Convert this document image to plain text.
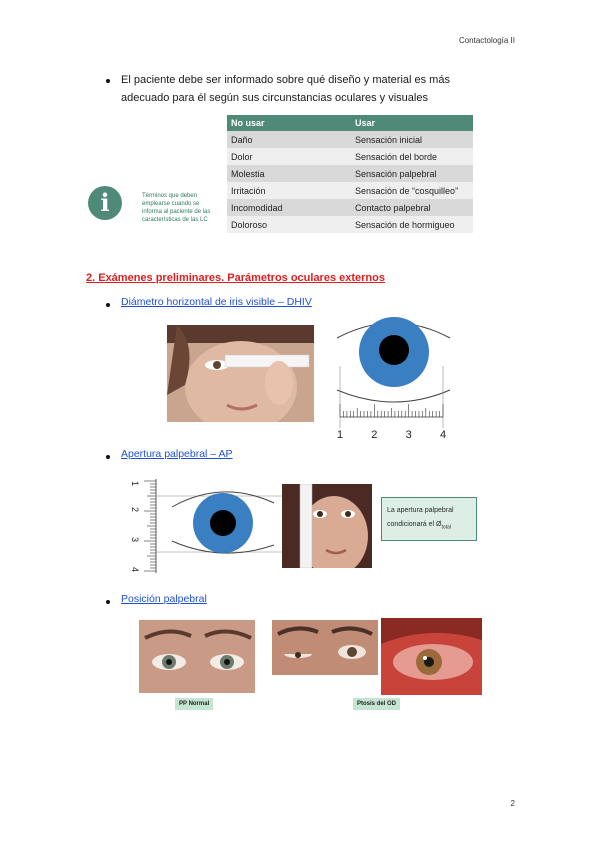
Contactología II
2
El paciente debe ser informado sobre qué diseño y material es más
adecuado para él según sus circunstancias oculares y visuales
i	Términos que deben
emplearse cuando se
informa al paciente de las
características de las LC
No usar	Usar
Daño	Sensación inicial
Dolor	Sensación del borde
Molestia	Sensación palpebral
Irritación	Sensación de “cosquilleo”
Incomodidad	Contacto palpebral
Doloroso	Sensación de hormigueo
2. Exámenes preliminares. Parámetros oculares externos
Diámetro horizontal de iris visible – DHIV
1	2	3	4
Apertura palpebral – AP
1
2
3
4
La apertura palpebral
condicionará el $Ø_{total}$
Posición palpebral
PP Normal	Ptosis del OD
